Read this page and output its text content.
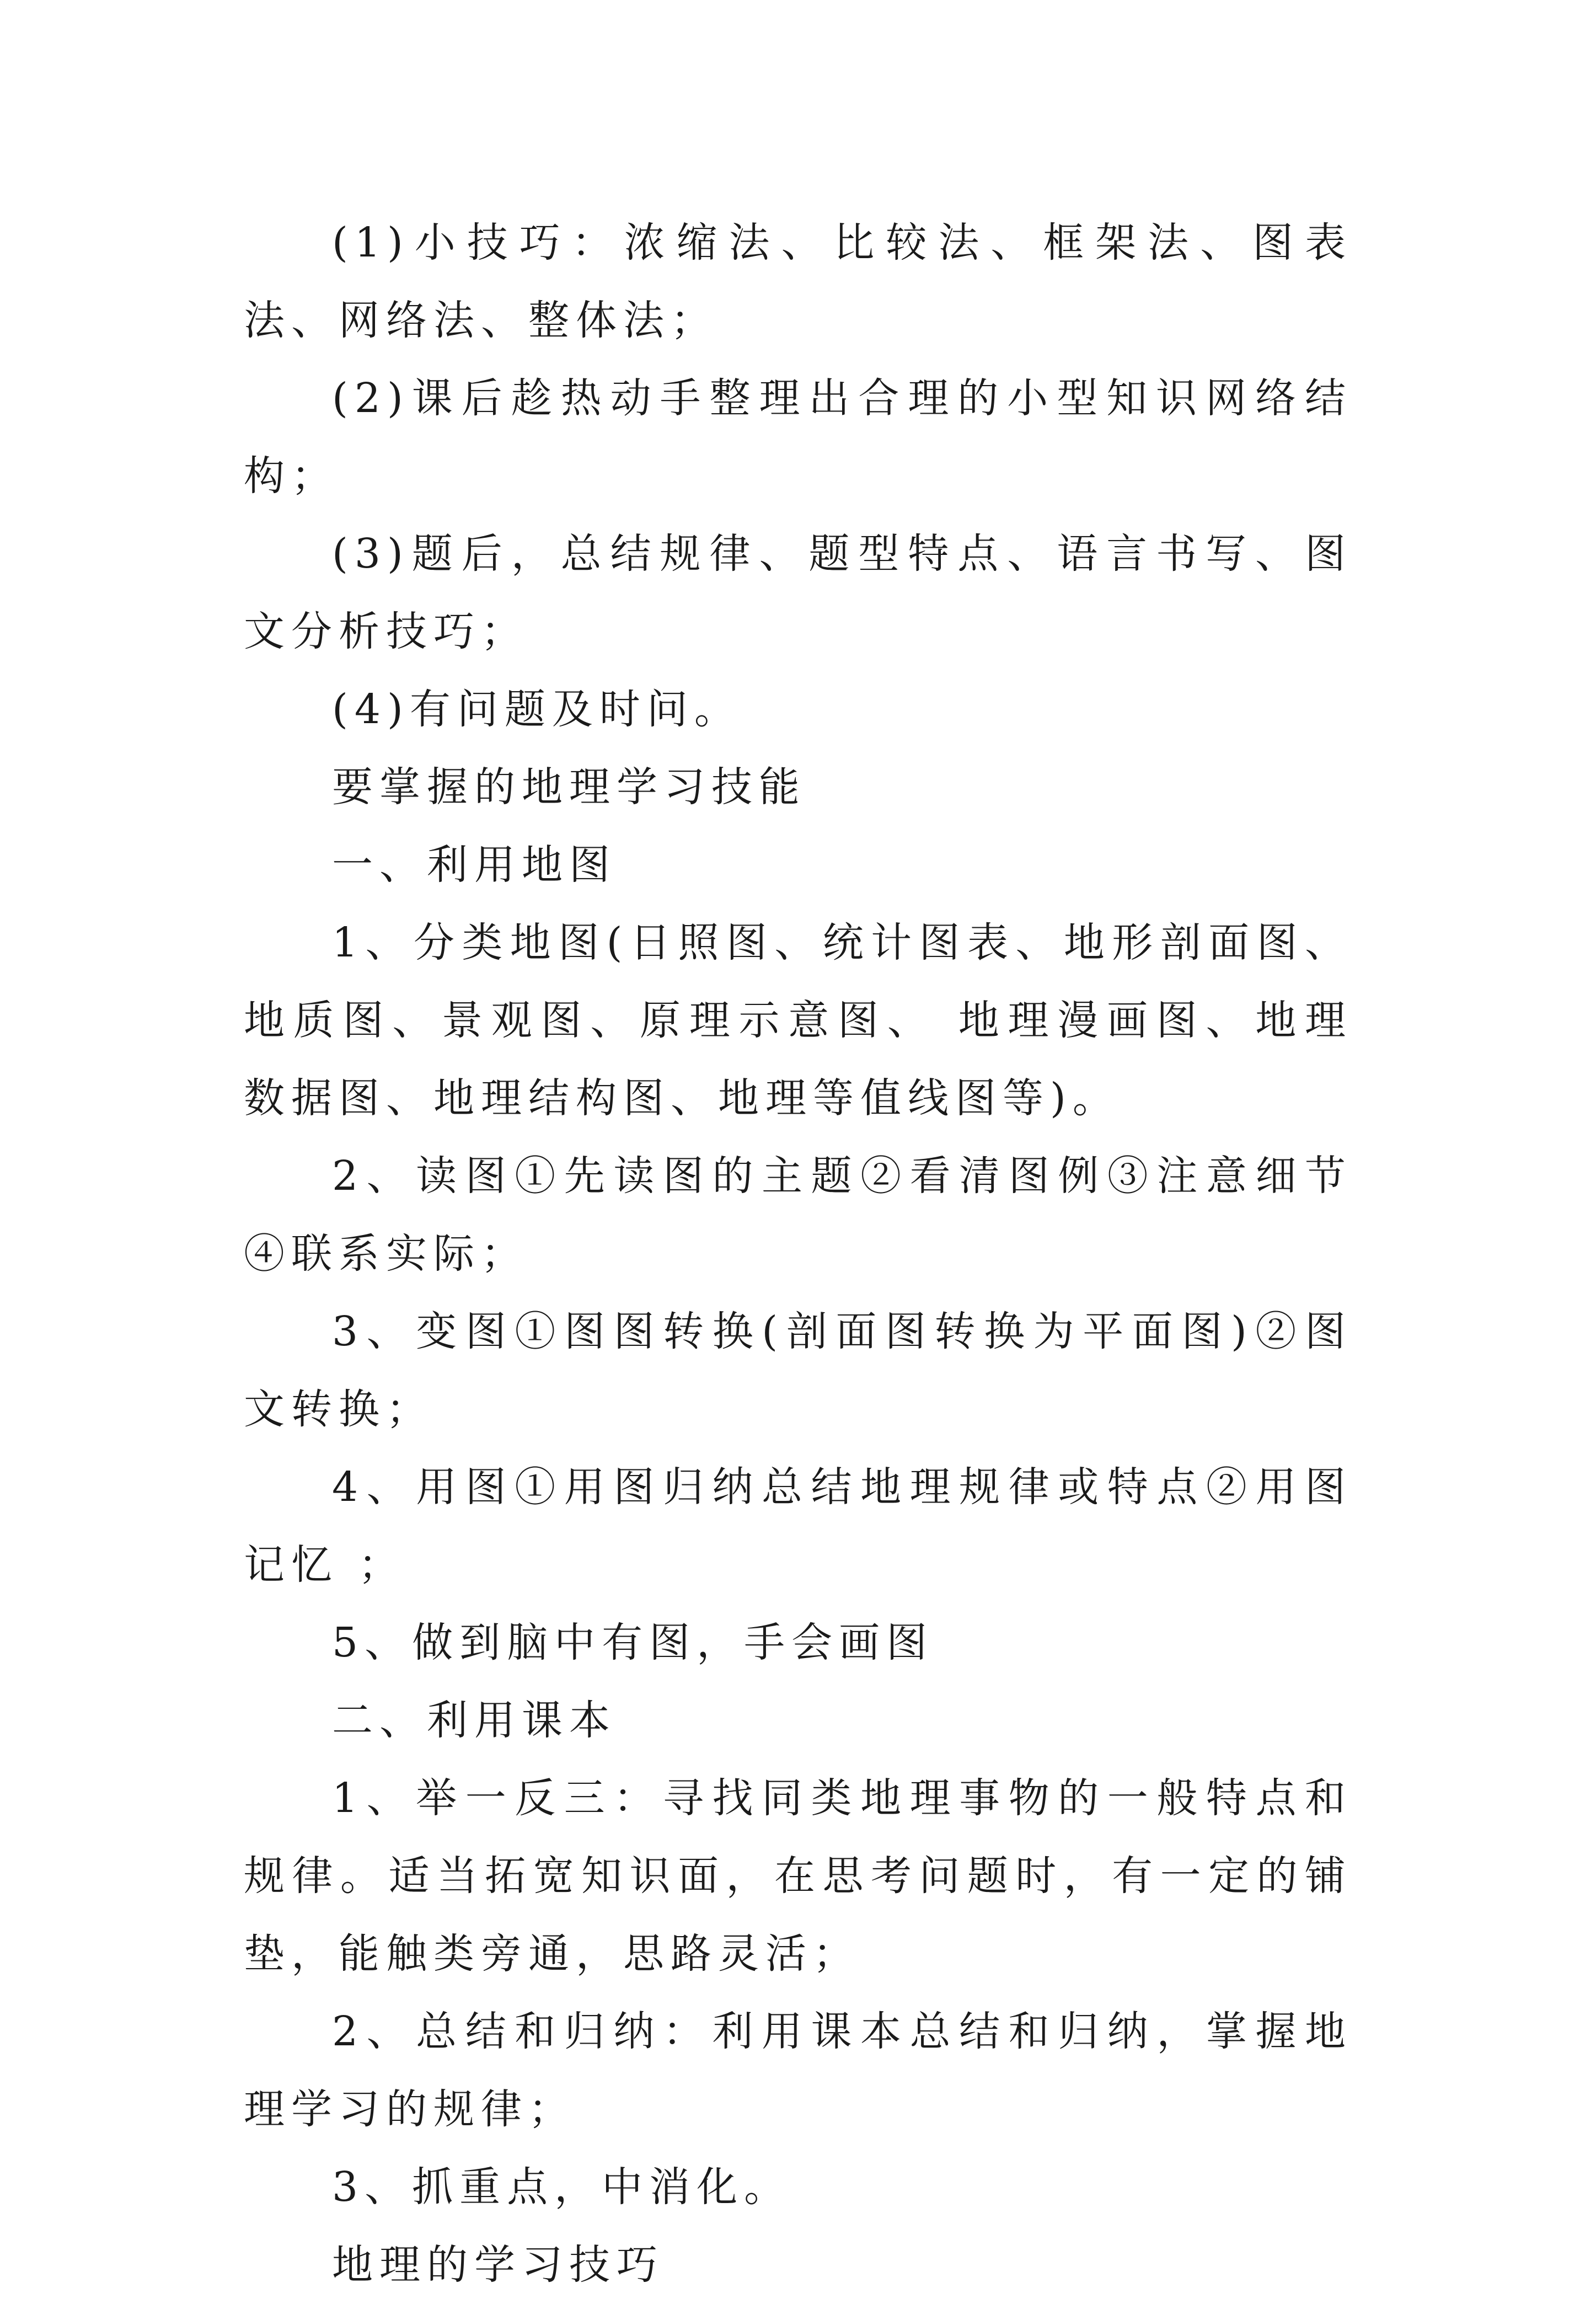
(1)小技巧：浓缩法、比较法、框架法、图表法、网络法、整体法；

(2)课后趁热动手整理出合理的小型知识网络结构；

(3)题后，总结规律、题型特点、语言书写、图文分析技巧；

(4)有问题及时问。

要掌握的地理学习技能

一、利用地图

1、分类地图(日照图、统计图表、地形剖面图、地质图、景观图、原理示意图、 地理漫画图、地理数据图、地理结构图、地理等值线图等)。

2、读图①先读图的主题②看清图例③注意细节④联系实际；

3、变图①图图转换(剖面图转换为平面图)②图文转换；

4、用图①用图归纳总结地理规律或特点②用图记忆 ；

5、做到脑中有图，手会画图

二、利用课本

1、举一反三：寻找同类地理事物的一般特点和规律。适当拓宽知识面，在思考问题时，有一定的铺垫，能触类旁通，思路灵活；

2、总结和归纳：利用课本总结和归纳，掌握地理学习的规律；

3、抓重点，中消化。

地理的学习技巧
